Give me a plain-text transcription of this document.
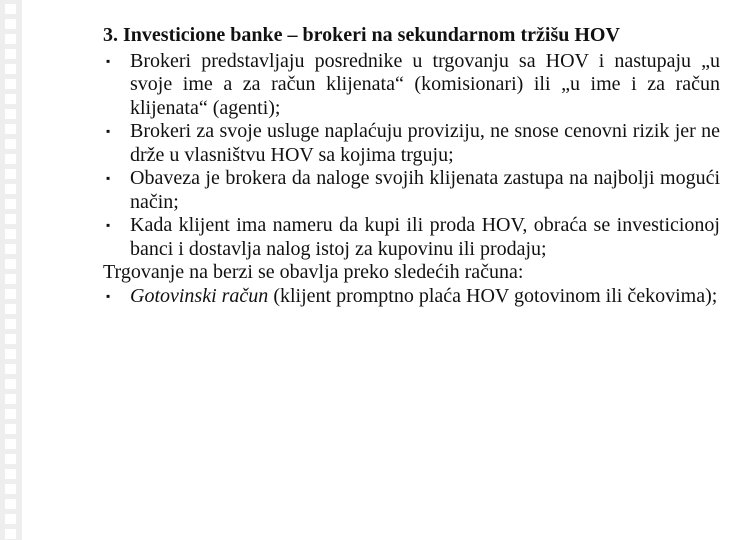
3. Investicione banke – brokeri na sekundarnom tržišu HOV
▪ Brokeri predstavljaju posrednike u trgovanju sa HOV i nastupaju „u svoje ime a za račun klijenata“ (komisionari) ili „u ime i za račun klijenata“ (agenti);
▪ Brokeri za svoje usluge naplaćuju proviziju, ne snose cenovni rizik jer ne drže u vlasništvu HOV sa kojima trguju;
▪ Obaveza je brokera da naloge svojih klijenata zastupa na najbolji mogući način;
▪ Kada klijent ima nameru da kupi ili proda HOV, obraća se investicionoj banci i dostavlja nalog istoj za kupovinu ili prodaju;
Trgovanje na berzi se obavlja preko sledećih računa:
▪ Gotovinski račun (klijent promptno plaća HOV gotovinom ili čekovima);
